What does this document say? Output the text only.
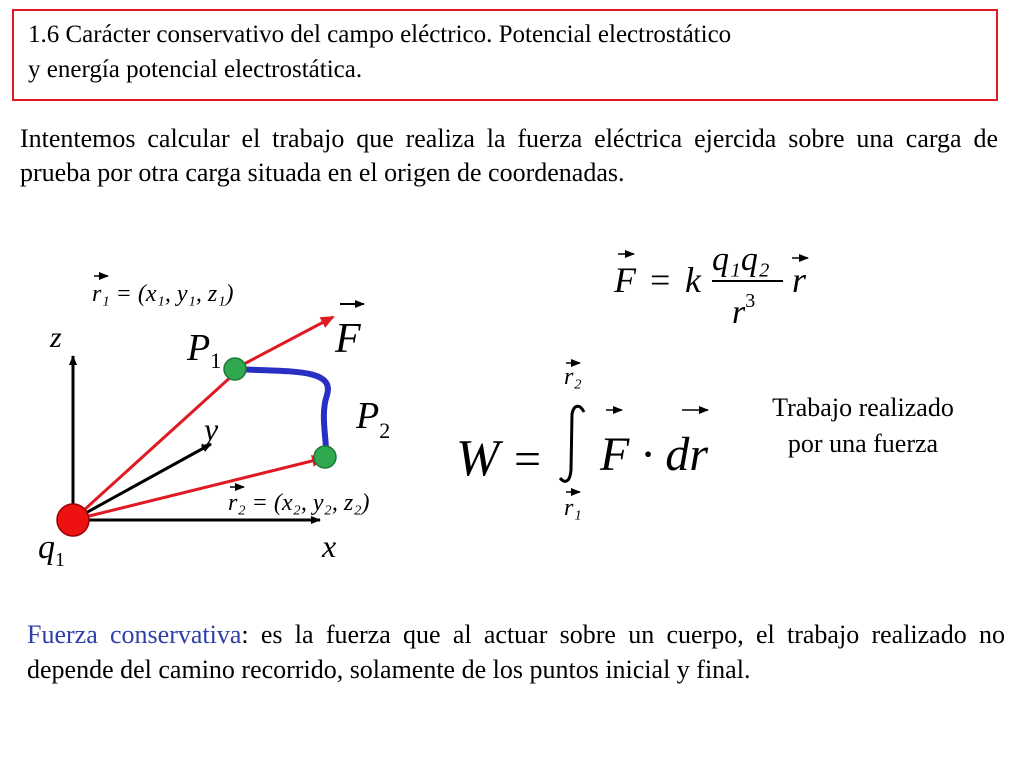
1.6 Carácter conservativo del campo eléctrico. Potencial electrostático
y energía potencial electrostática.
Intentemos calcular el trabajo que realiza la fuerza eléctrica ejercida sobre una carga de prueba por otra carga situada en el origen de coordenadas.
z
y
x
$P_1$
$P_2$
$q_1$
F
r₁ = (x₁, y₁, z₁)
r₂ = (x₂, y₂, z₂)
F = k
q₁q₂
$r^3$
r
W =
r₂
r₁
F · dr
Trabajo realizado
por una fuerza
Fuerza conservativa: es la fuerza que al actuar sobre un cuerpo, el trabajo realizado no depende del camino recorrido, solamente de los puntos inicial y final.
